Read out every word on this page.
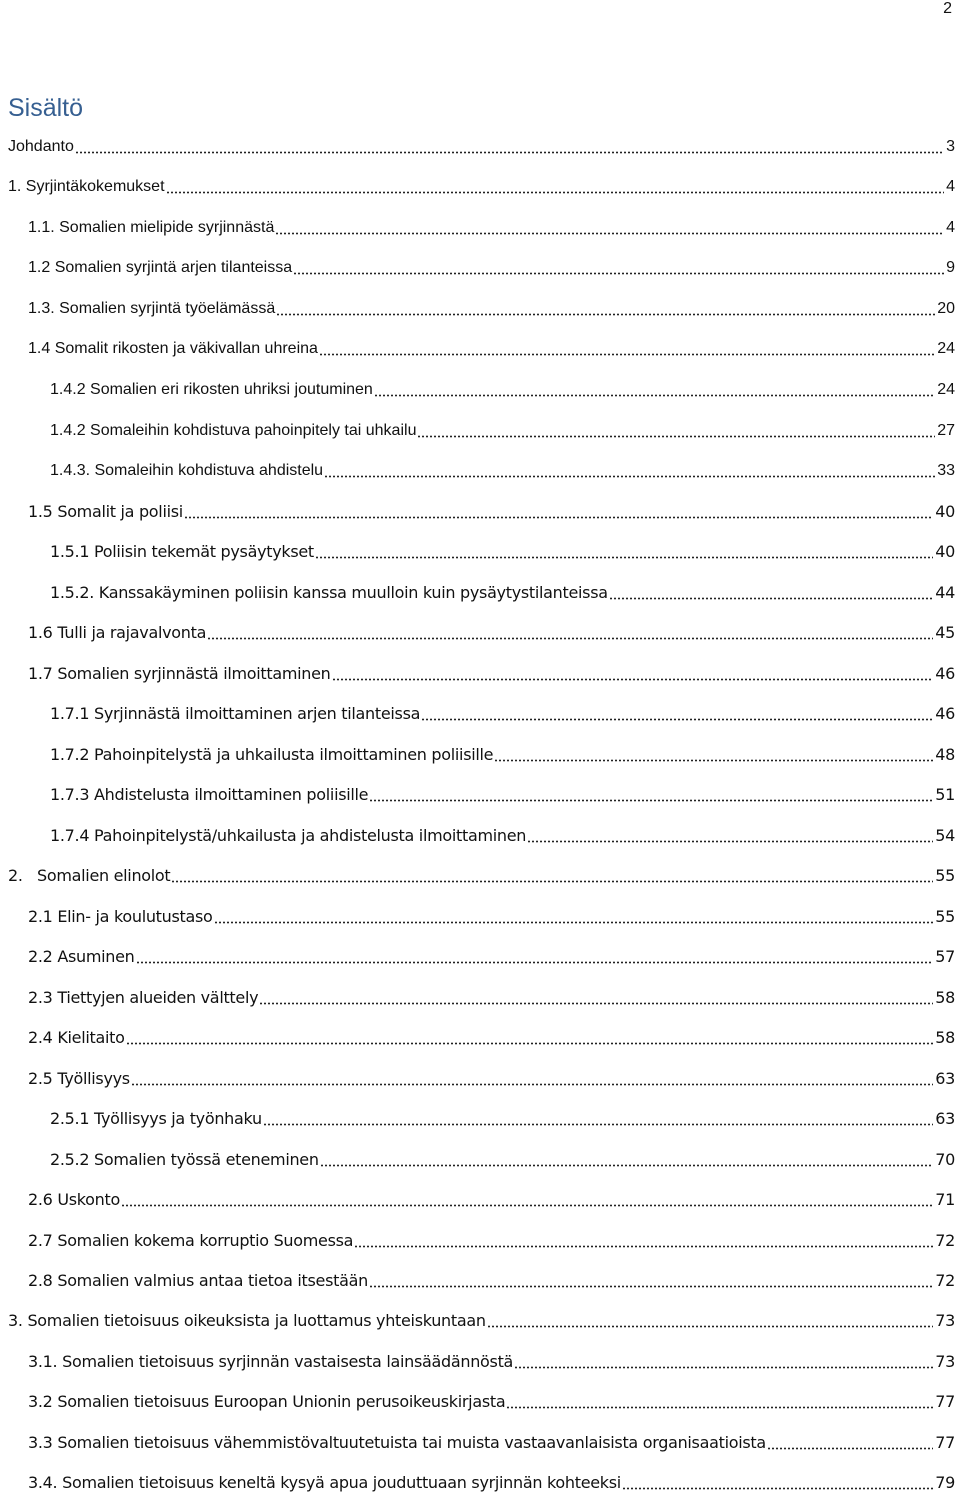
2
Sisältö
Johdanto	3
1. Syrjintäkokemukset	4
1.1. Somalien mielipide syrjinnästä	4
1.2 Somalien syrjintä arjen tilanteissa	9
1.3. Somalien syrjintä työelämässä	20
1.4 Somalit rikosten ja väkivallan uhreina	24
1.4.2 Somalien eri rikosten uhriksi joutuminen	24
1.4.2 Somaleihin kohdistuva pahoinpitely tai uhkailu	27
1.4.3. Somaleihin kohdistuva ahdistelu	33
1.5 Somalit ja poliisi	40
1.5.1 Poliisin tekemät pysäytykset	40
1.5.2. Kanssakäyminen poliisin kanssa muulloin kuin pysäytystilanteissa	44
1.6 Tulli ja rajavalvonta	45
1.7 Somalien syrjinnästä ilmoittaminen	46
1.7.1 Syrjinnästä ilmoittaminen arjen tilanteissa	46
1.7.2 Pahoinpitelystä ja uhkailusta ilmoittaminen poliisille	48
1.7.3 Ahdistelusta ilmoittaminen poliisille	51
1.7.4 Pahoinpitelystä/uhkailusta ja ahdistelusta ilmoittaminen	54
2.   Somalien elinolot	55
2.1 Elin- ja koulutustaso	55
2.2 Asuminen	57
2.3 Tiettyjen alueiden välttely	58
2.4 Kielitaito	58
2.5 Työllisyys	63
2.5.1 Työllisyys ja työnhaku	63
2.5.2 Somalien työssä eteneminen	70
2.6 Uskonto	71
2.7 Somalien kokema korruptio Suomessa	72
2.8 Somalien valmius antaa tietoa itsestään	72
3. Somalien tietoisuus oikeuksista ja luottamus yhteiskuntaan	73
3.1. Somalien tietoisuus syrjinnän vastaisesta lainsäädännöstä	73
3.2 Somalien tietoisuus Euroopan Unionin perusoikeuskirjasta	77
3.3 Somalien tietoisuus vähemmistövaltuutetuista tai muista vastaavanlaisista organisaatioista	77
3.4. Somalien tietoisuus keneltä kysyä apua jouduttuaan syrjinnän kohteeksi	79
